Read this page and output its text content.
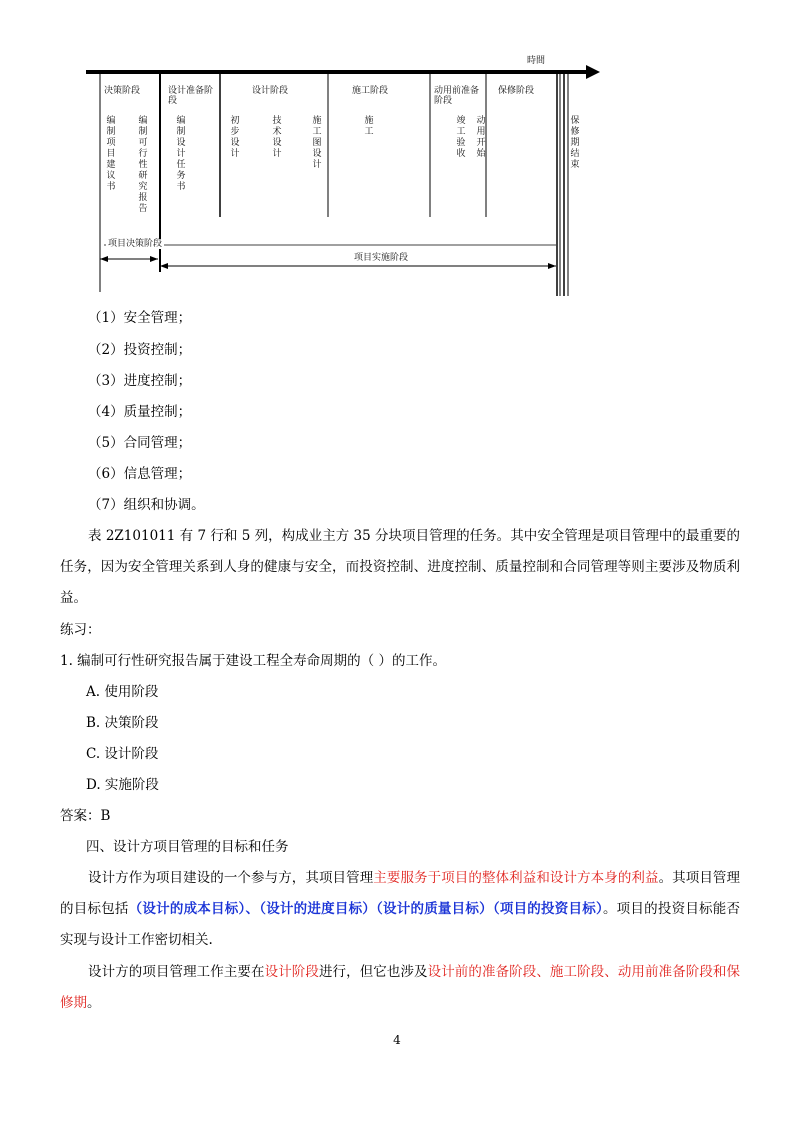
時間
决策阶段	设计准备阶段
设计阶段	施工阶段	动用前准备阶段
保修阶段
编
制
项
目
建
议
书
编
制
可
行
性
研
究
报
告
编
制
设
计
任
务
书
初
步
设
计
技
术
设
计
施
工
图
设
计
施
工
竣
工
验
收
动
用
开
始
保
修
期
结
束
项目决策阶段
项目实施阶段
（1）安全管理；
（2）投资控制；
（3）进度控制；
（4）质量控制；
（5）合同管理；
（6）信息管理；
（7）组织和协调。
表 2Z101011 有 7 行和 5 列，构成业主方 35 分块项目管理的任务。其中安全管理是项目管理中的最重要的任务，因为安全管理关系到人身的健康与安全，而投资控制、进度控制、质量控制和合同管理等则主要涉及物质利益。
练习：
1. 编制可行性研究报告属于建设工程全寿命周期的（ ）的工作。
A. 使用阶段
B. 决策阶段
C. 设计阶段
D. 实施阶段
答案：B
四、设计方项目管理的目标和任务
设计方作为项目建设的一个参与方，其项目管理主要服务于项目的整体利益和设计方本身的利益。其项目管理的目标包括（设计的成本目标）、（设计的进度目标）（设计的质量目标）（项目的投资目标）。项目的投资目标能否实现与设计工作密切相关.
设计方的项目管理工作主要在设计阶段进行，但它也涉及设计前的准备阶段、施工阶段、动用前准备阶段和保修期。
4
